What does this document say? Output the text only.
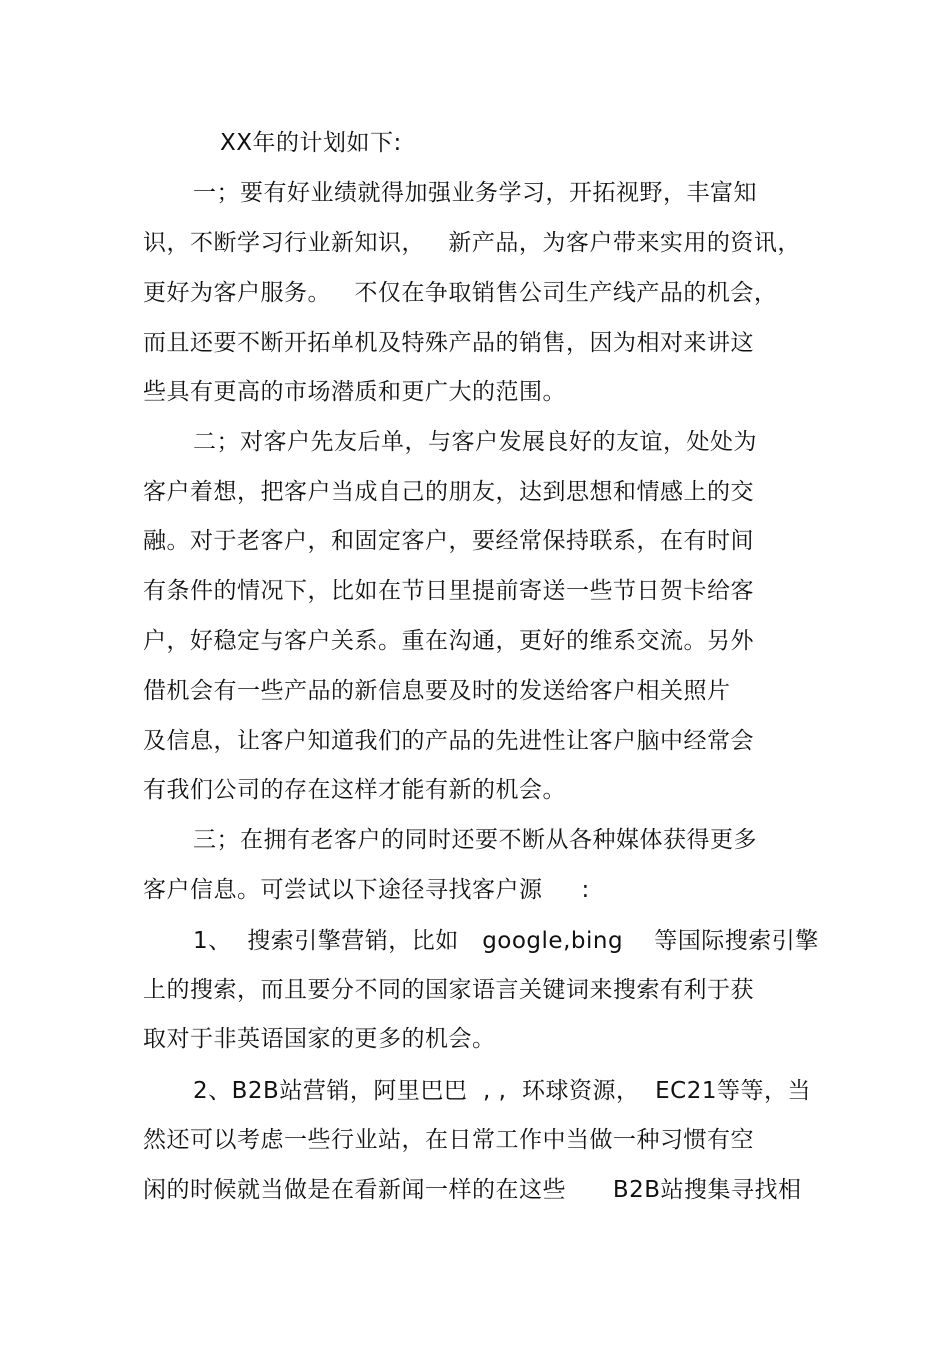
XX年的计划如下:
一；要有好业绩就得加强业务学习，开拓视野，丰富知
识，不断学习行业新知识，   新产品，为客户带来实用的资讯，
更好为客户服务。   不仅在争取销售公司生产线产品的机会，
而且还要不断开拓单机及特殊产品的销售，因为相对来讲这
些具有更高的市场潜质和更广大的范围。
二；对客户先友后单，与客户发展良好的友谊，处处为
客户着想，把客户当成自己的朋友，达到思想和情感上的交
融。对于老客户，和固定客户，要经常保持联系，在有时间
有条件的情况下，比如在节日里提前寄送一些节日贺卡给客
户，好稳定与客户关系。重在沟通，更好的维系交流。另外
借机会有一些产品的新信息要及时的发送给客户相关照片
及信息，让客户知道我们的产品的先进性让客户脑中经常会
有我们公司的存在这样才能有新的机会。
三；在拥有老客户的同时还要不断从各种媒体获得更多
客户信息。可尝试以下途径寻找客户源     :
1、  搜索引擎营销，比如   google,bing    等国际搜索引擎
上的搜索，而且要分不同的国家语言关键词来搜索有利于获
取对于非英语国家的更多的机会。
2、B2B站营销，阿里巴巴  , ,  环球资源，  EC21等等，当
然还可以考虑一些行业站，在日常工作中当做一种习惯有空
闲的时候就当做是在看新闻一样的在这些      B2B站搜集寻找相
